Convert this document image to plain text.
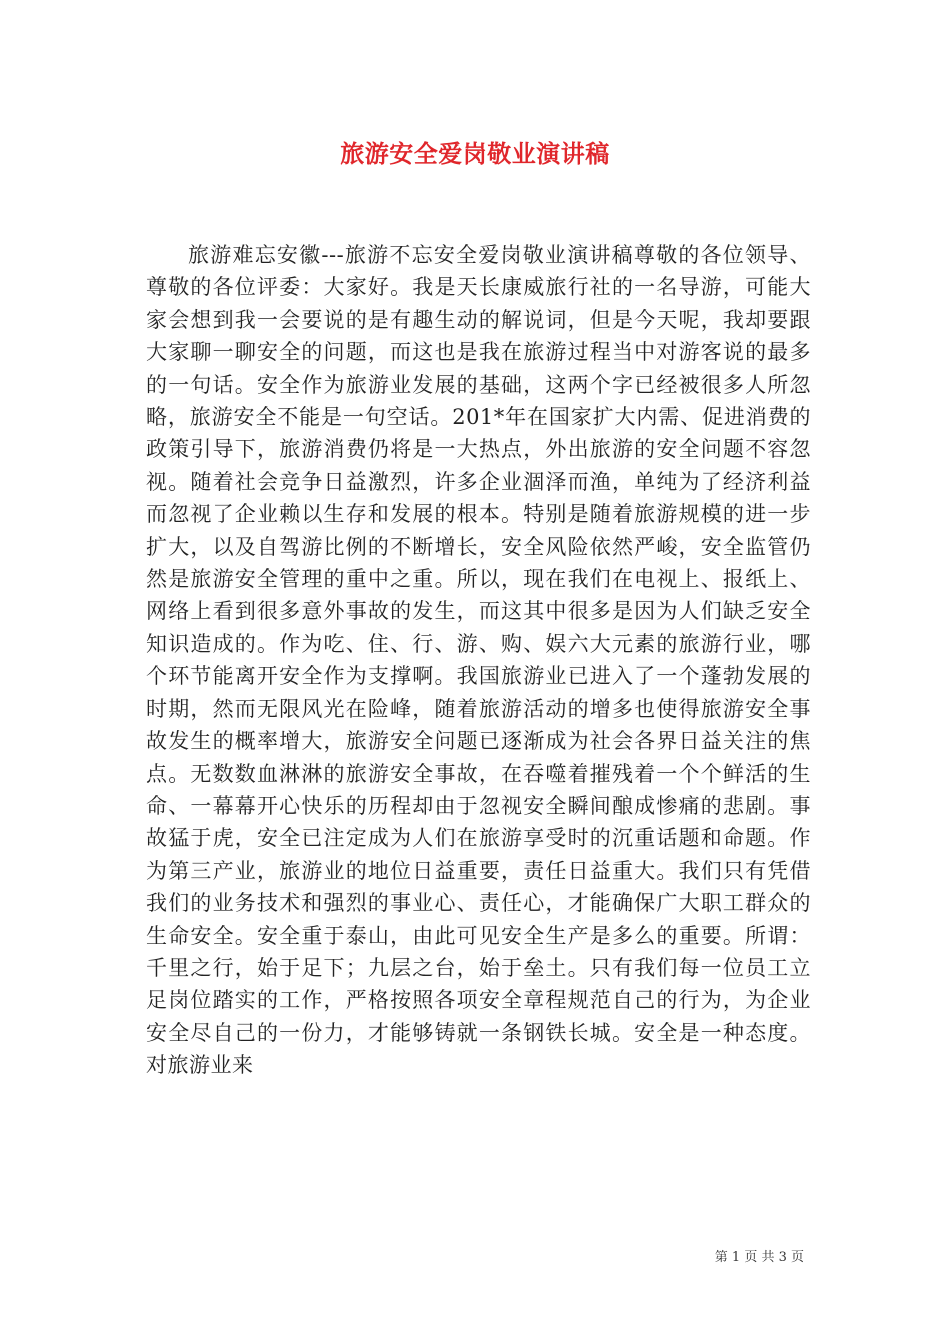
旅游安全爱岗敬业演讲稿

旅游难忘安徽---旅游不忘安全爱岗敬业演讲稿尊敬的各位领导、尊敬的各位评委：大家好。我是天长康威旅行社的一名导游，可能大家会想到我一会要说的是有趣生动的解说词，但是今天呢，我却要跟大家聊一聊安全的问题，而这也是我在旅游过程当中对游客说的最多的一句话。安全作为旅游业发展的基础，这两个字已经被很多人所忽略，旅游安全不能是一句空话。201*年在国家扩大内需、促进消费的政策引导下，旅游消费仍将是一大热点，外出旅游的安全问题不容忽视。随着社会竞争日益激烈，许多企业涸泽而渔，单纯为了经济利益而忽视了企业赖以生存和发展的根本。特别是随着旅游规模的进一步扩大，以及自驾游比例的不断增长，安全风险依然严峻，安全监管仍然是旅游安全管理的重中之重。所以，现在我们在电视上、报纸上、网络上看到很多意外事故的发生，而这其中很多是因为人们缺乏安全知识造成的。作为吃、住、行、游、购、娱六大元素的旅游行业，哪个环节能离开安全作为支撑啊。我国旅游业已进入了一个蓬勃发展的时期，然而无限风光在险峰，随着旅游活动的增多也使得旅游安全事故发生的概率增大，旅游安全问题已逐渐成为社会各界日益关注的焦点。无数数血淋淋的旅游安全事故，在吞噬着摧残着一个个鲜活的生命、一幕幕开心快乐的历程却由于忽视安全瞬间酿成惨痛的悲剧。事故猛于虎，安全已注定成为人们在旅游享受时的沉重话题和命题。作为第三产业，旅游业的地位日益重要，责任日益重大。我们只有凭借我们的业务技术和强烈的事业心、责任心，才能确保广大职工群众的生命安全。安全重于泰山，由此可见安全生产是多么的重要。所谓：千里之行，始于足下；九层之台，始于垒土。只有我们每一位员工立足岗位踏实的工作，严格按照各项安全章程规范自己的行为，为企业安全尽自己的一份力，才能够铸就一条钢铁长城。安全是一种态度。对旅游业来

第 1 页 共 3 页
